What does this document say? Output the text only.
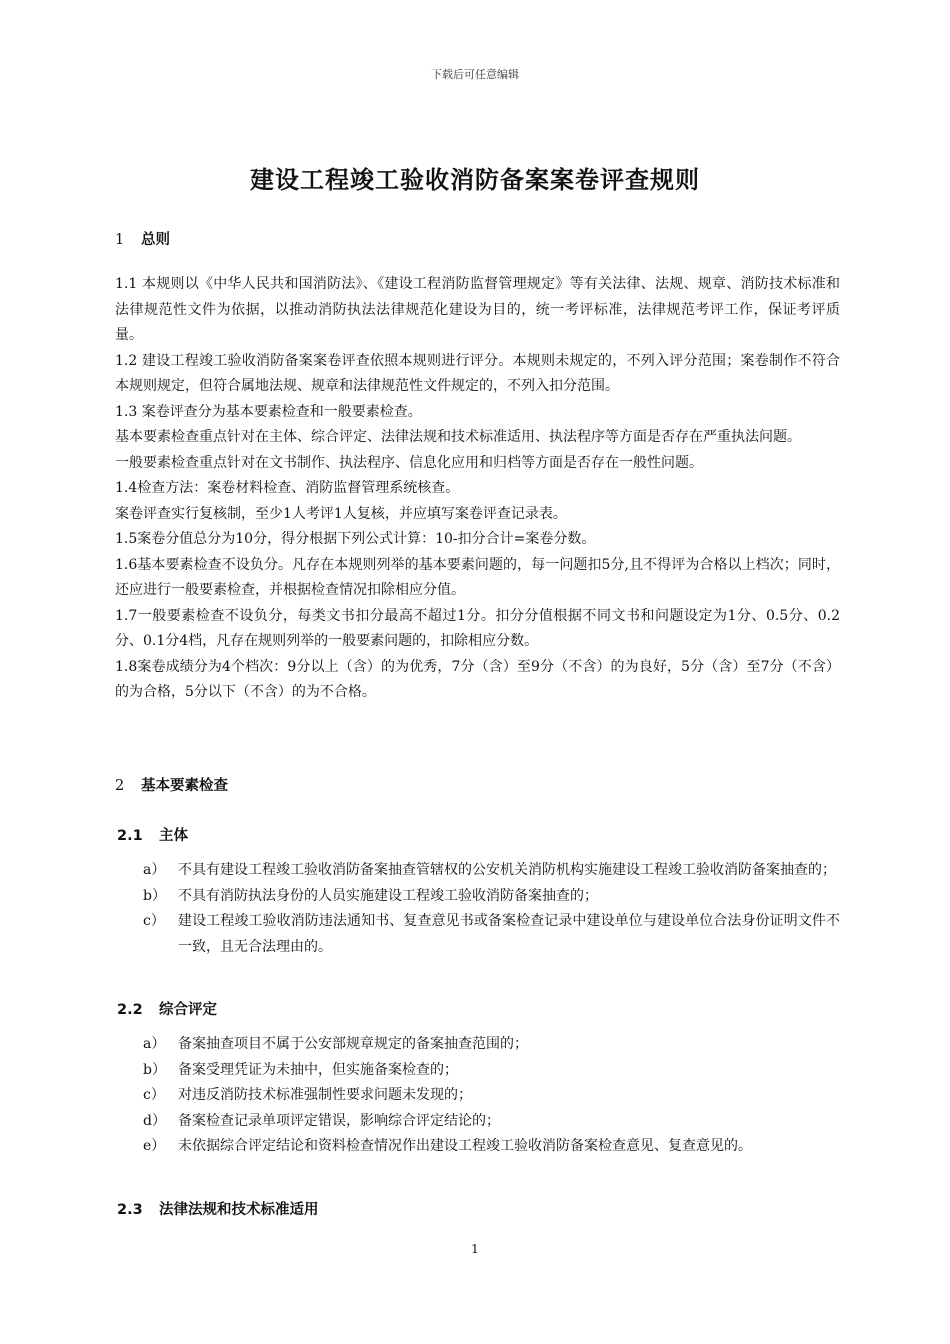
下载后可任意编辑
建设工程竣工验收消防备案案卷评查规则
1 总则

1.1 本规则以《中华人民共和国消防法》、《建设工程消防监督管理规定》等有关法律、法规、规章、消防技术标准和法律规范性文件为依据，以推动消防执法法律规范化建设为目的，统一考评标准，法律规范考评工作，保证考评质量。

1.2 建设工程竣工验收消防备案案卷评查依照本规则进行评分。本规则未规定的，不列入评分范围；案卷制作不符合本规则规定，但符合属地法规、规章和法律规范性文件规定的，不列入扣分范围。

1.3 案卷评查分为基本要素检查和一般要素检查。

基本要素检查重点针对在主体、综合评定、法律法规和技术标准适用、执法程序等方面是否存在严重执法问题。

一般要素检查重点针对在文书制作、执法程序、信息化应用和归档等方面是否存在一般性问题。

1.4检查方法：案卷材料检查、消防监督管理系统核查。

案卷评查实行复核制，至少1人考评1人复核，并应填写案卷评查记录表。

1.5案卷分值总分为10分，得分根据下列公式计算：10-扣分合计=案卷分数。

1.6基本要素检查不设负分。凡存在本规则列举的基本要素问题的，每一问题扣5分,且不得评为合格以上档次；同时，还应进行一般要素检查，并根据检查情况扣除相应分值。

1.7一般要素检查不设负分，每类文书扣分最高不超过1分。扣分分值根据不同文书和问题设定为1分、0.5分、0.2分、0.1分4档，凡存在规则列举的一般要素问题的，扣除相应分数。

1.8案卷成绩分为4个档次：9分以上（含）的为优秀，7分（含）至9分（不含）的为良好，5分（含）至7分（不含）的为合格，5分以下（不含）的为不合格。

2 基本要素检查
2.1 主体
a） 不具有建设工程竣工验收消防备案抽查管辖权的公安机关消防机构实施建设工程竣工验收消防备案抽查的；
b） 不具有消防执法身份的人员实施建设工程竣工验收消防备案抽查的；
c） 建设工程竣工验收消防违法通知书、复查意见书或备案检查记录中建设单位与建设单位合法身份证明文件不一致，且无合法理由的。
2.2 综合评定
a） 备案抽查项目不属于公安部规章规定的备案抽查范围的；
b） 备案受理凭证为未抽中，但实施备案检查的；
c） 对违反消防技术标准强制性要求问题未发现的；
d） 备案检查记录单项评定错误，影响综合评定结论的；
e） 未依据综合评定结论和资料检查情况作出建设工程竣工验收消防备案检查意见、复查意见的。
2.3 法律法规和技术标准适用
1
